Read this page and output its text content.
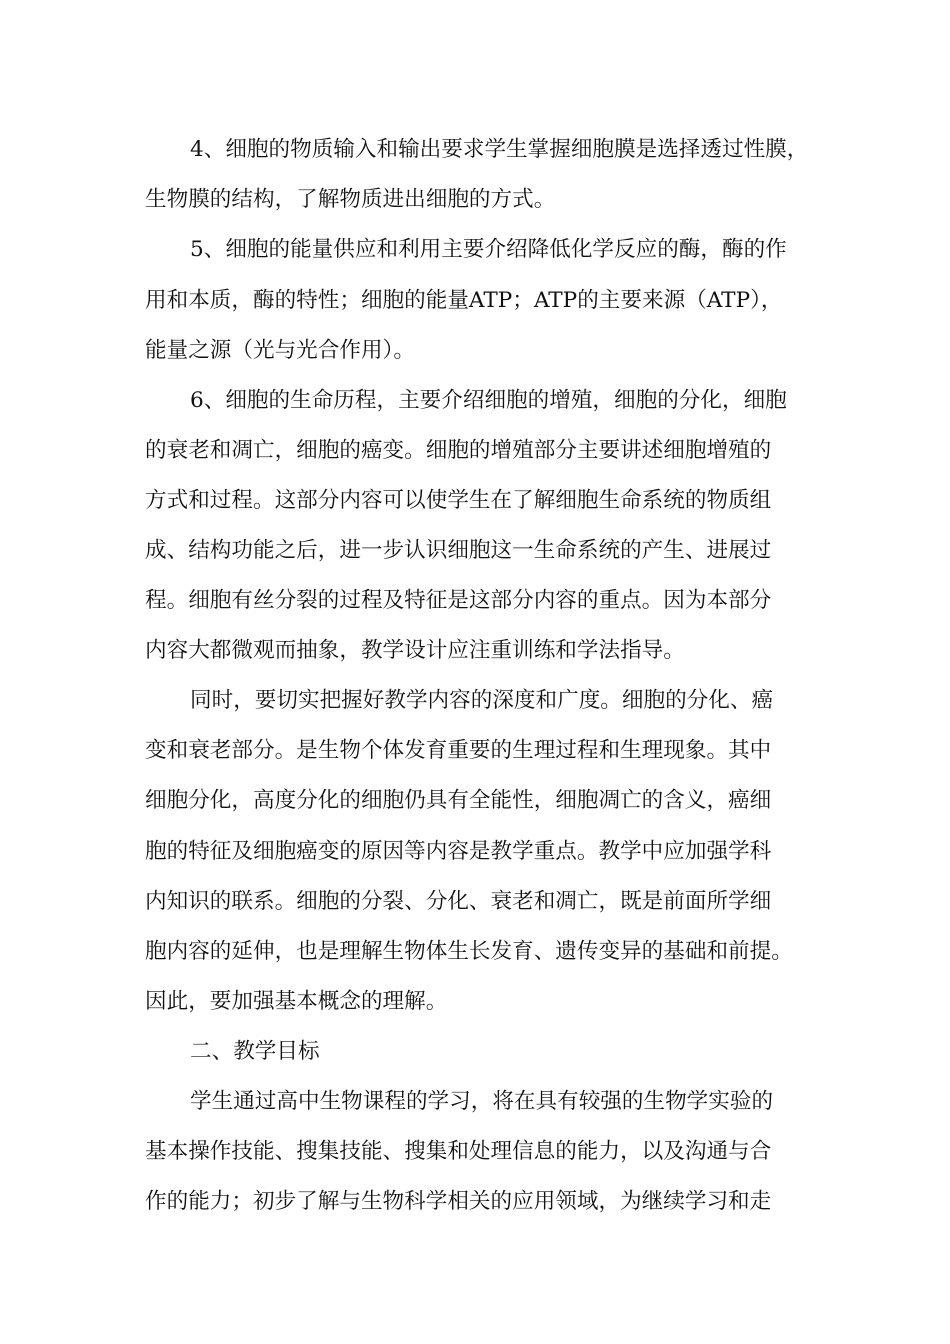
4、细胞的物质输入和输出要求学生掌握细胞膜是选择透过性膜，
生物膜的结构，了解物质进出细胞的方式。
5、细胞的能量供应和利用主要介绍降低化学反应的酶，酶的作
用和本质，酶的特性；细胞的能量ATP；ATP的主要来源（ATP），
能量之源（光与光合作用）。
6、细胞的生命历程，主要介绍细胞的增殖，细胞的分化，细胞
的衰老和凋亡，细胞的癌变。细胞的增殖部分主要讲述细胞增殖的
方式和过程。这部分内容可以使学生在了解细胞生命系统的物质组
成、结构功能之后，进一步认识细胞这一生命系统的产生、进展过
程。细胞有丝分裂的过程及特征是这部分内容的重点。因为本部分
内容大都微观而抽象，教学设计应注重训练和学法指导。
同时，要切实把握好教学内容的深度和广度。细胞的分化、癌
变和衰老部分。是生物个体发育重要的生理过程和生理现象。其中
细胞分化，高度分化的细胞仍具有全能性，细胞凋亡的含义，癌细
胞的特征及细胞癌变的原因等内容是教学重点。教学中应加强学科
内知识的联系。细胞的分裂、分化、衰老和凋亡，既是前面所学细
胞内容的延伸，也是理解生物体生长发育、遗传变异的基础和前提。
因此，要加强基本概念的理解。
二、教学目标
学生通过高中生物课程的学习，将在具有较强的生物学实验的
基本操作技能、搜集技能、搜集和处理信息的能力，以及沟通与合
作的能力；初步了解与生物科学相关的应用领域，为继续学习和走
